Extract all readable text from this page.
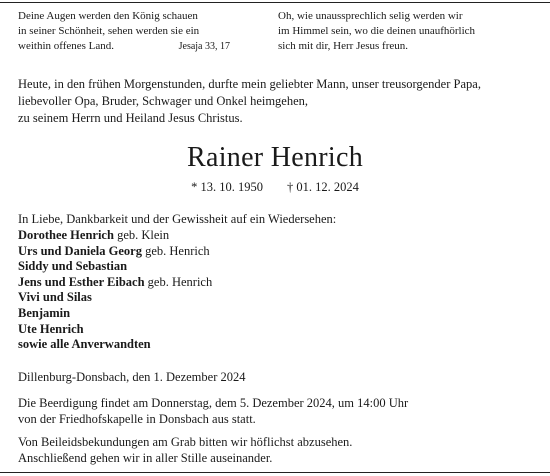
Deine Augen werden den König schauen
in seiner Schönheit, sehen werden sie ein
weithin offenes Land.	Jesaja 33, 17
Oh, wie unaussprechlich selig werden wir
im Himmel sein, wo die deinen unaufhörlich
sich mit dir, Herr Jesus freun.
Heute, in den frühen Morgenstunden, durfte mein geliebter Mann, unser treusorgender Papa,
liebevoller Opa, Bruder, Schwager und Onkel heimgehen,
zu seinem Herrn und Heiland Jesus Christus.
Rainer Henrich
* 13. 10. 1950 † 01. 12. 2024
In Liebe, Dankbarkeit und der Gewissheit auf ein Wiedersehen:
Dorothee Henrich geb. Klein
Urs und Daniela Georg geb. Henrich
Siddy und Sebastian
Jens und Esther Eibach geb. Henrich
Vivi und Silas
Benjamin
Ute Henrich
sowie alle Anverwandten
Dillenburg-Donsbach, den 1. Dezember 2024
Die Beerdigung findet am Donnerstag, dem 5. Dezember 2024, um 14:00 Uhr
von der Friedhofskapelle in Donsbach aus statt.
Von Beileidsbekundungen am Grab bitten wir höflichst abzusehen.
Anschließend gehen wir in aller Stille auseinander.
